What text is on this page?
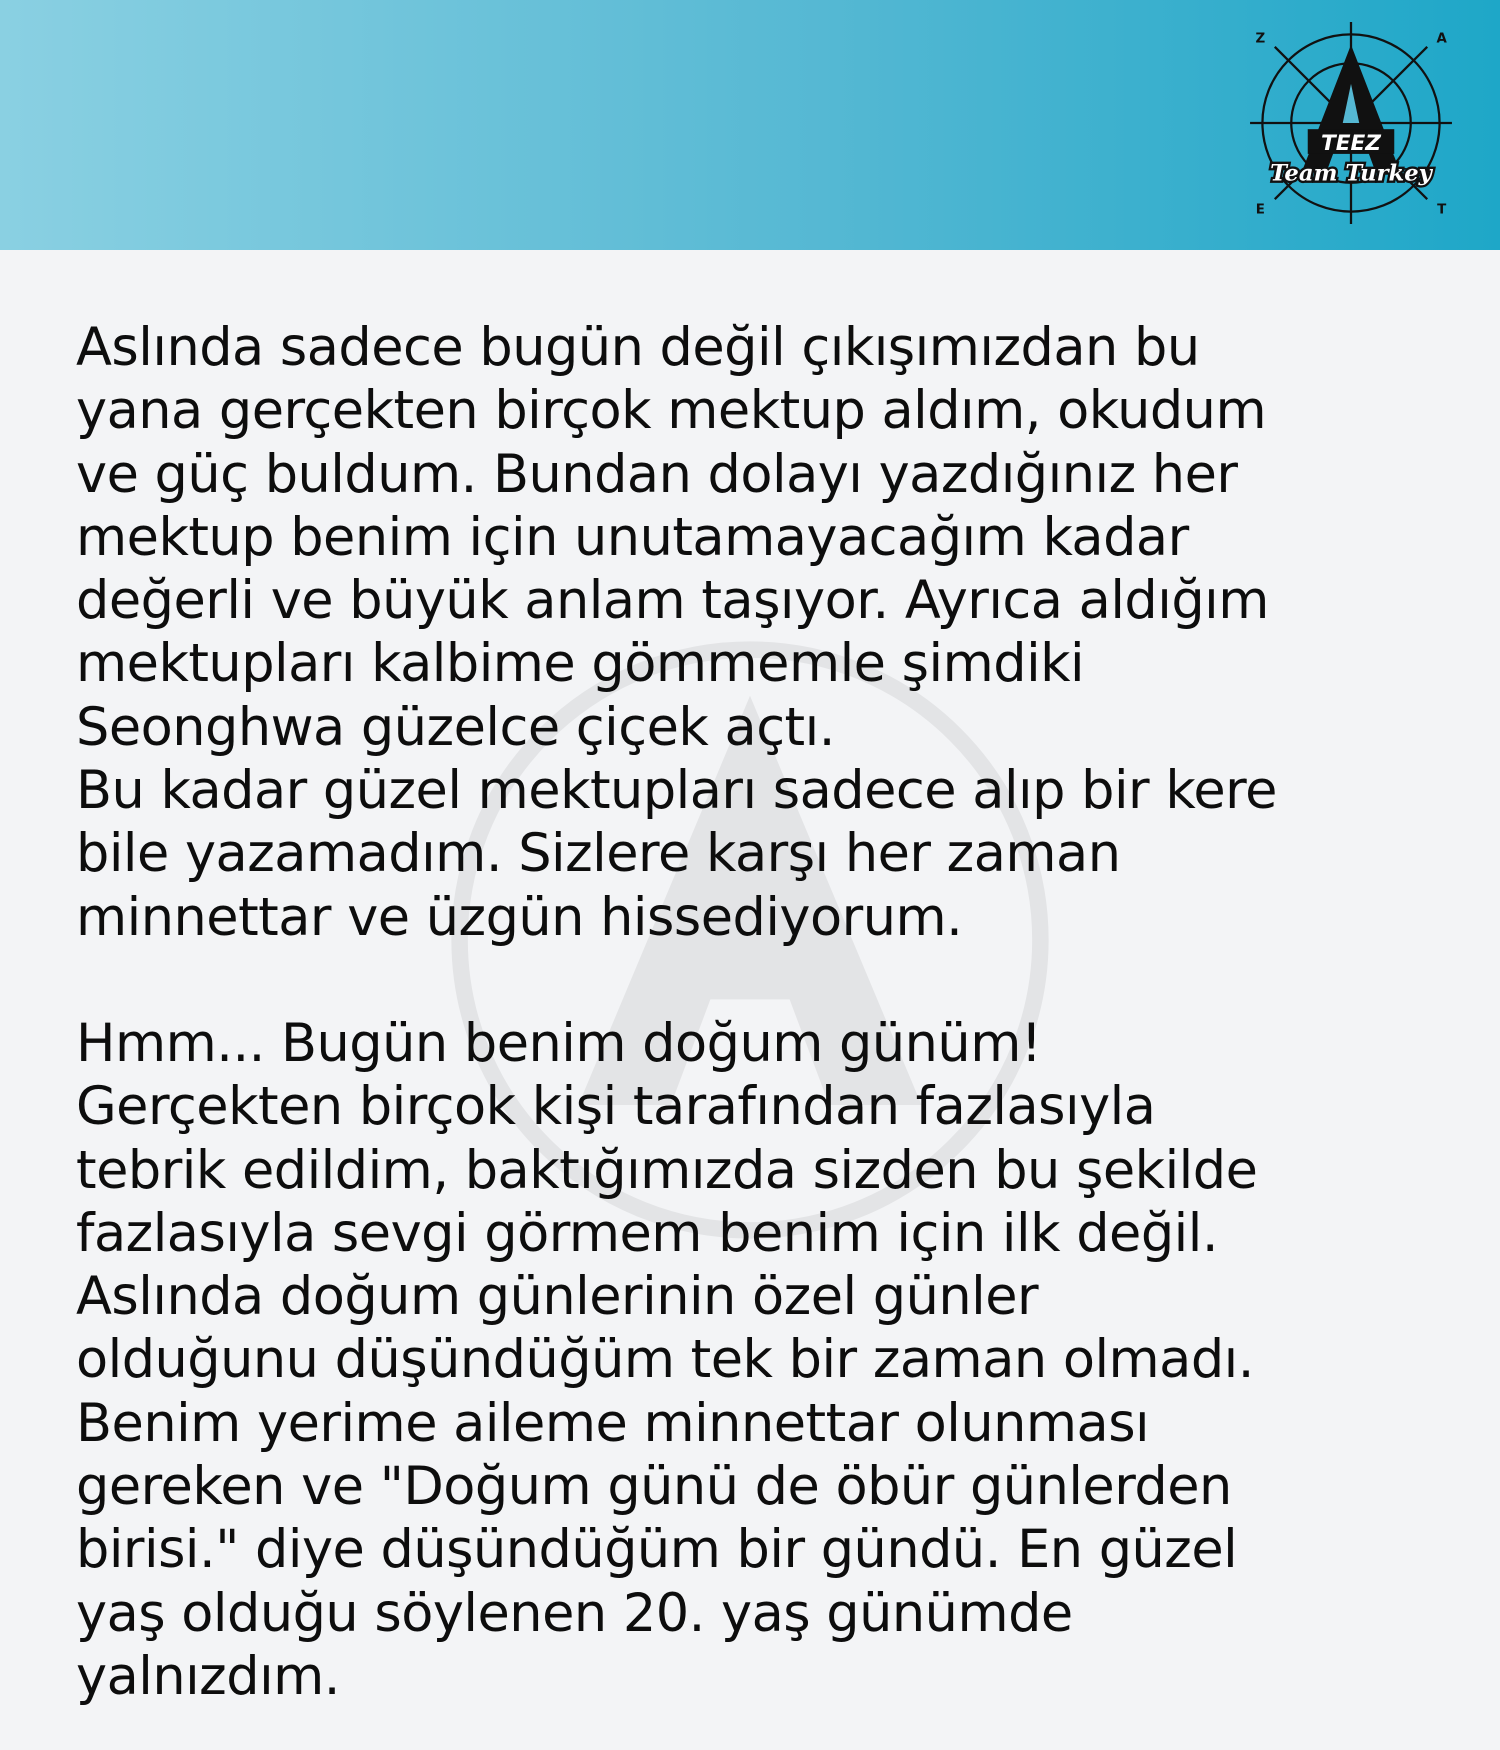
Z	A
E	T
TEEZ
Team Turkey

Aslında sadece bugün değil çıkışımızdan bu
yana gerçekten birçok mektup aldım, okudum
ve güç buldum. Bundan dolayı yazdığınız her
mektup benim için unutamayacağım kadar
değerli ve büyük anlam taşıyor. Ayrıca aldığım
mektupları kalbime gömmemle şimdiki
Seonghwa güzelce çiçek açtı.

Bu kadar güzel mektupları sadece alıp bir kere
bile yazamadım. Sizlere karşı her zaman
minnettar ve üzgün hissediyorum.

Hmm... Bugün benim doğum günüm!
Gerçekten birçok kişi tarafından fazlasıyla
tebrik edildim, baktığımızda sizden bu şekilde
fazlasıyla sevgi görmem benim için ilk değil.
Aslında doğum günlerinin özel günler
olduğunu düşündüğüm tek bir zaman olmadı.
Benim yerime aileme minnettar olunması
gereken ve "Doğum günü de öbür günlerden
birisi." diye düşündüğüm bir gündü. En güzel
yaş olduğu söylenen 20. yaş günümde
yalnızdım.
